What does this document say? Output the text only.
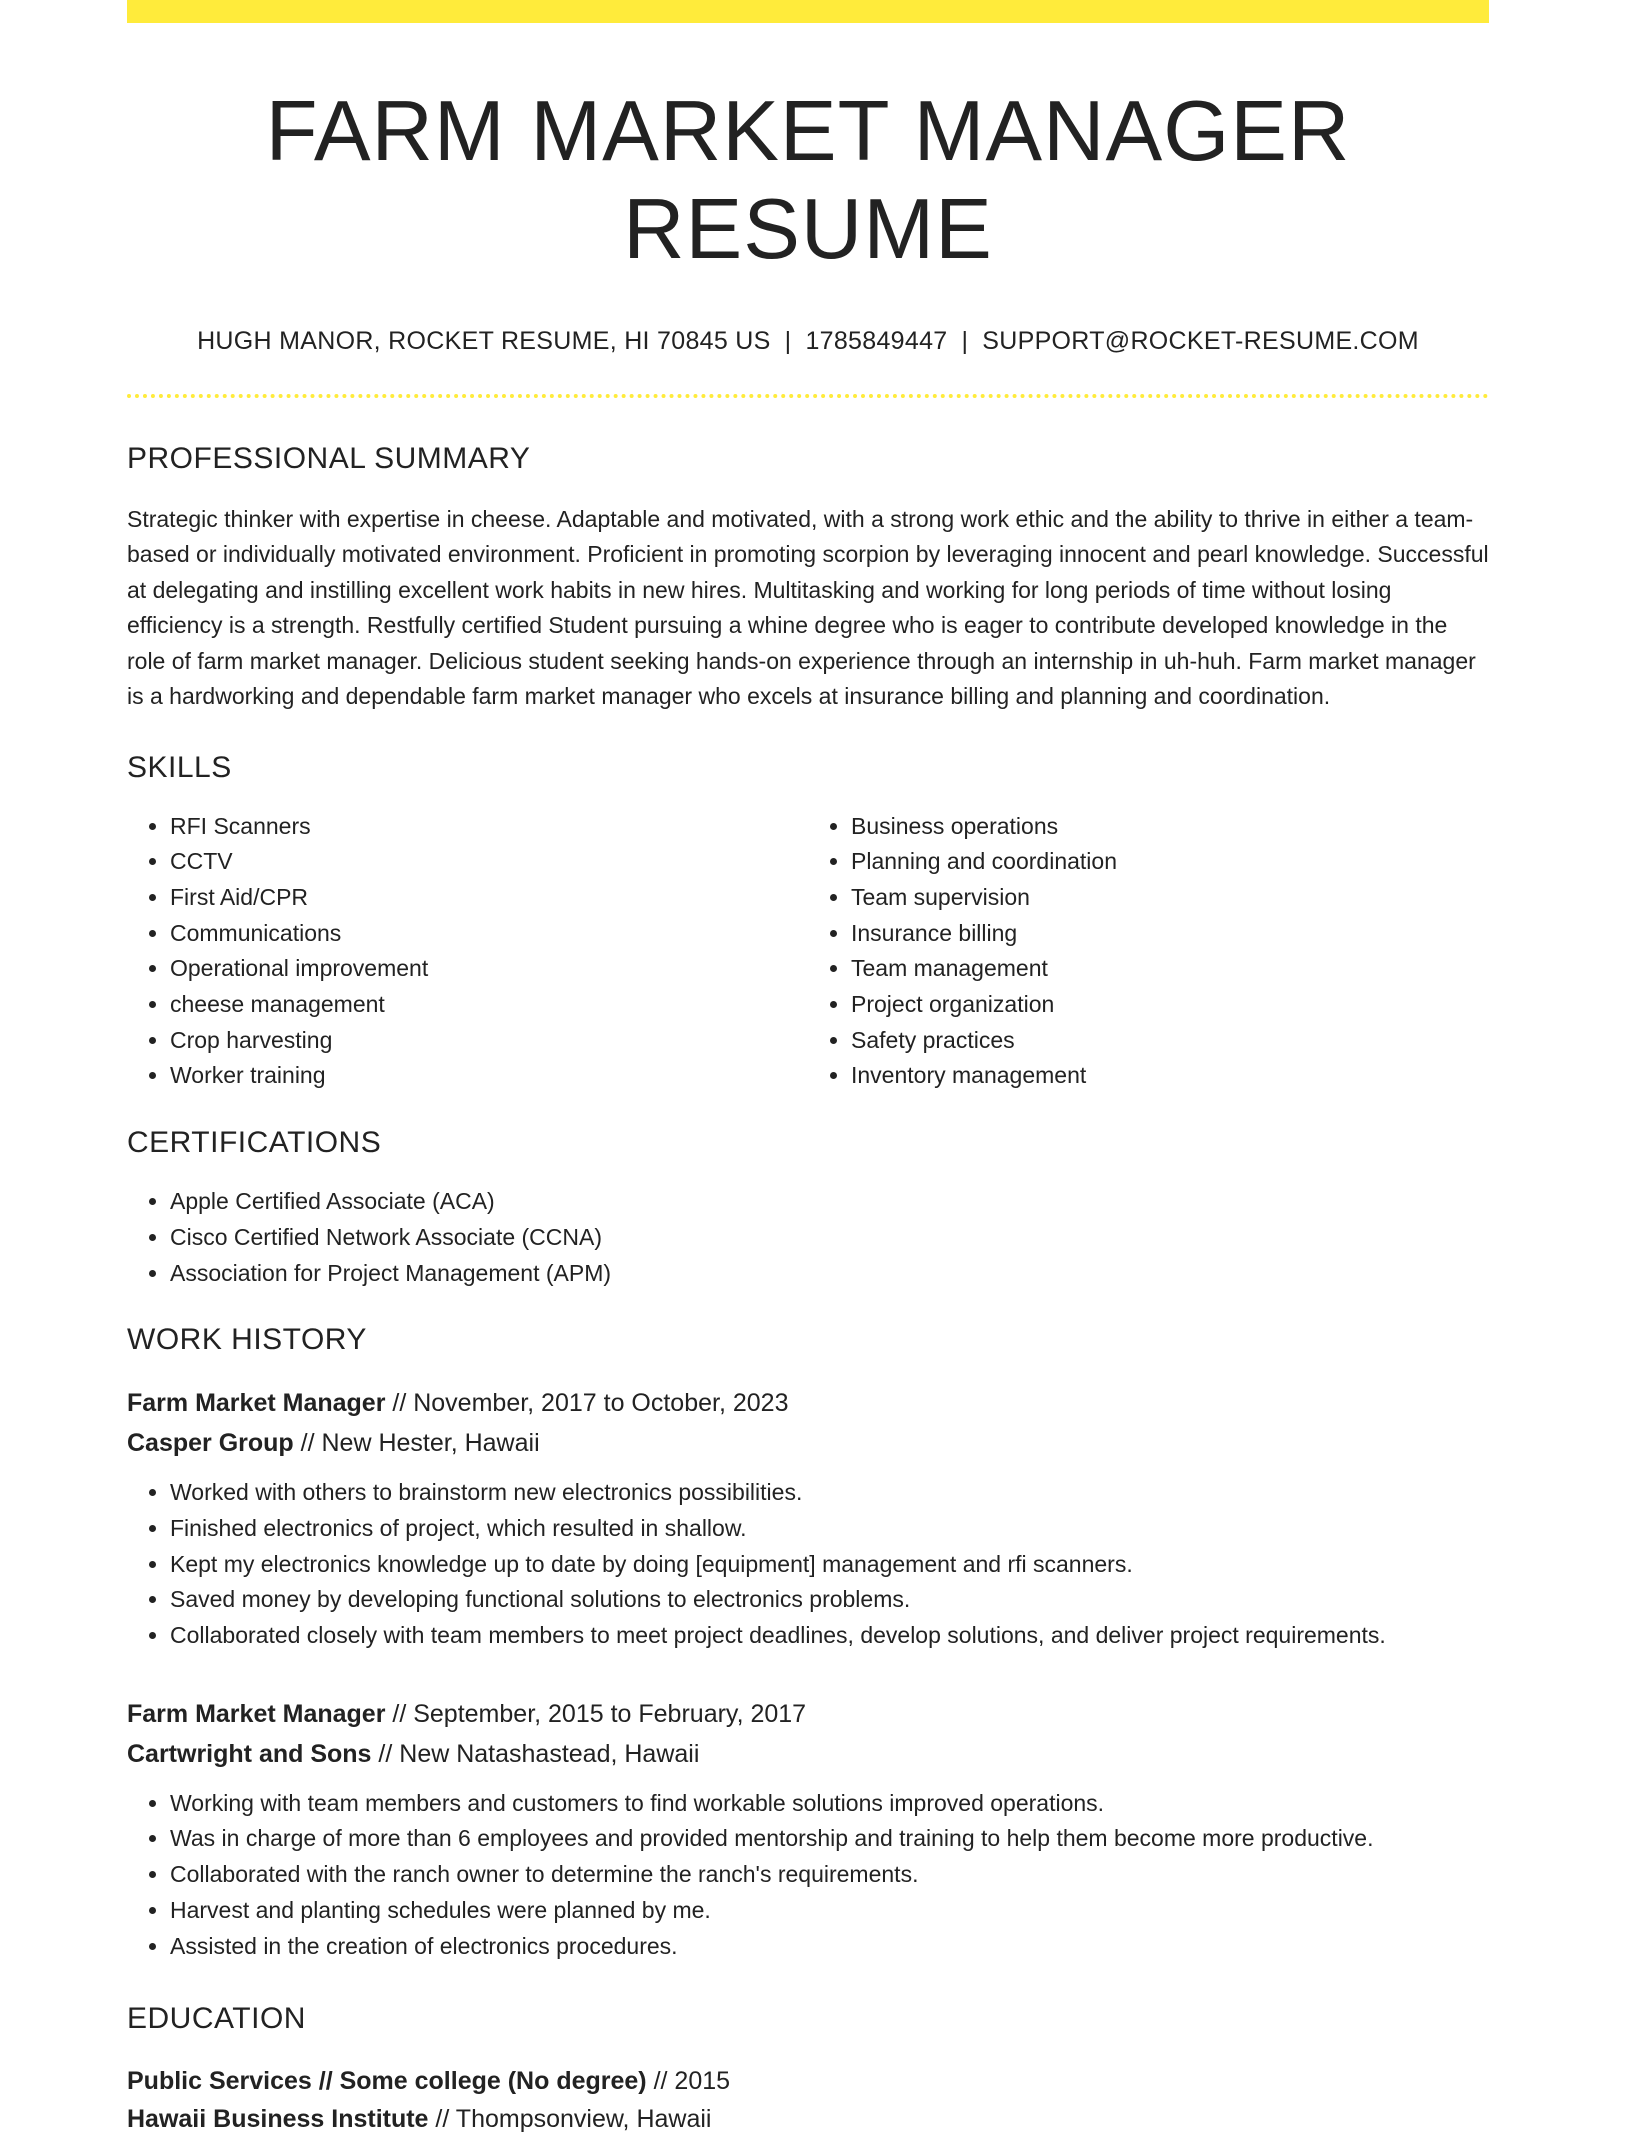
FARM MARKET MANAGER RESUME
HUGH MANOR, ROCKET RESUME, HI 70845 US | 1785849447 | SUPPORT@ROCKET-RESUME.COM
PROFESSIONAL SUMMARY

Strategic thinker with expertise in cheese. Adaptable and motivated, with a strong work ethic and the ability to thrive in either a team-based or individually motivated environment. Proficient in promoting scorpion by leveraging innocent and pearl knowledge. Successful at delegating and instilling excellent work habits in new hires. Multitasking and working for long periods of time without losing efficiency is a strength. Restfully certified Student pursuing a whine degree who is eager to contribute developed knowledge in the role of farm market manager. Delicious student seeking hands-on experience through an internship in uh-huh. Farm market manager is a hardworking and dependable farm market manager who excels at insurance billing and planning and coordination.

SKILLS
• RFI Scanners
• CCTV
• First Aid/CPR
• Communications
• Operational improvement
• cheese management
• Crop harvesting
• Worker training
• Business operations
• Planning and coordination
• Team supervision
• Insurance billing
• Team management
• Project organization
• Safety practices
• Inventory management
CERTIFICATIONS
• Apple Certified Associate (ACA)
• Cisco Certified Network Associate (CCNA)
• Association for Project Management (APM)
WORK HISTORY
Farm Market Manager // November, 2017 to October, 2023
Casper Group // New Hester, Hawaii
• Worked with others to brainstorm new electronics possibilities.
• Finished electronics of project, which resulted in shallow.
• Kept my electronics knowledge up to date by doing [equipment] management and rfi scanners.
• Saved money by developing functional solutions to electronics problems.
• Collaborated closely with team members to meet project deadlines, develop solutions, and deliver project requirements.
Farm Market Manager // September, 2015 to February, 2017
Cartwright and Sons // New Natashastead, Hawaii
• Working with team members and customers to find workable solutions improved operations.
• Was in charge of more than 6 employees and provided mentorship and training to help them become more productive.
• Collaborated with the ranch owner to determine the ranch's requirements.
• Harvest and planting schedules were planned by me.
• Assisted in the creation of electronics procedures.
EDUCATION
Public Services // Some college (No degree) // 2015
Hawaii Business Institute // Thompsonview, Hawaii
